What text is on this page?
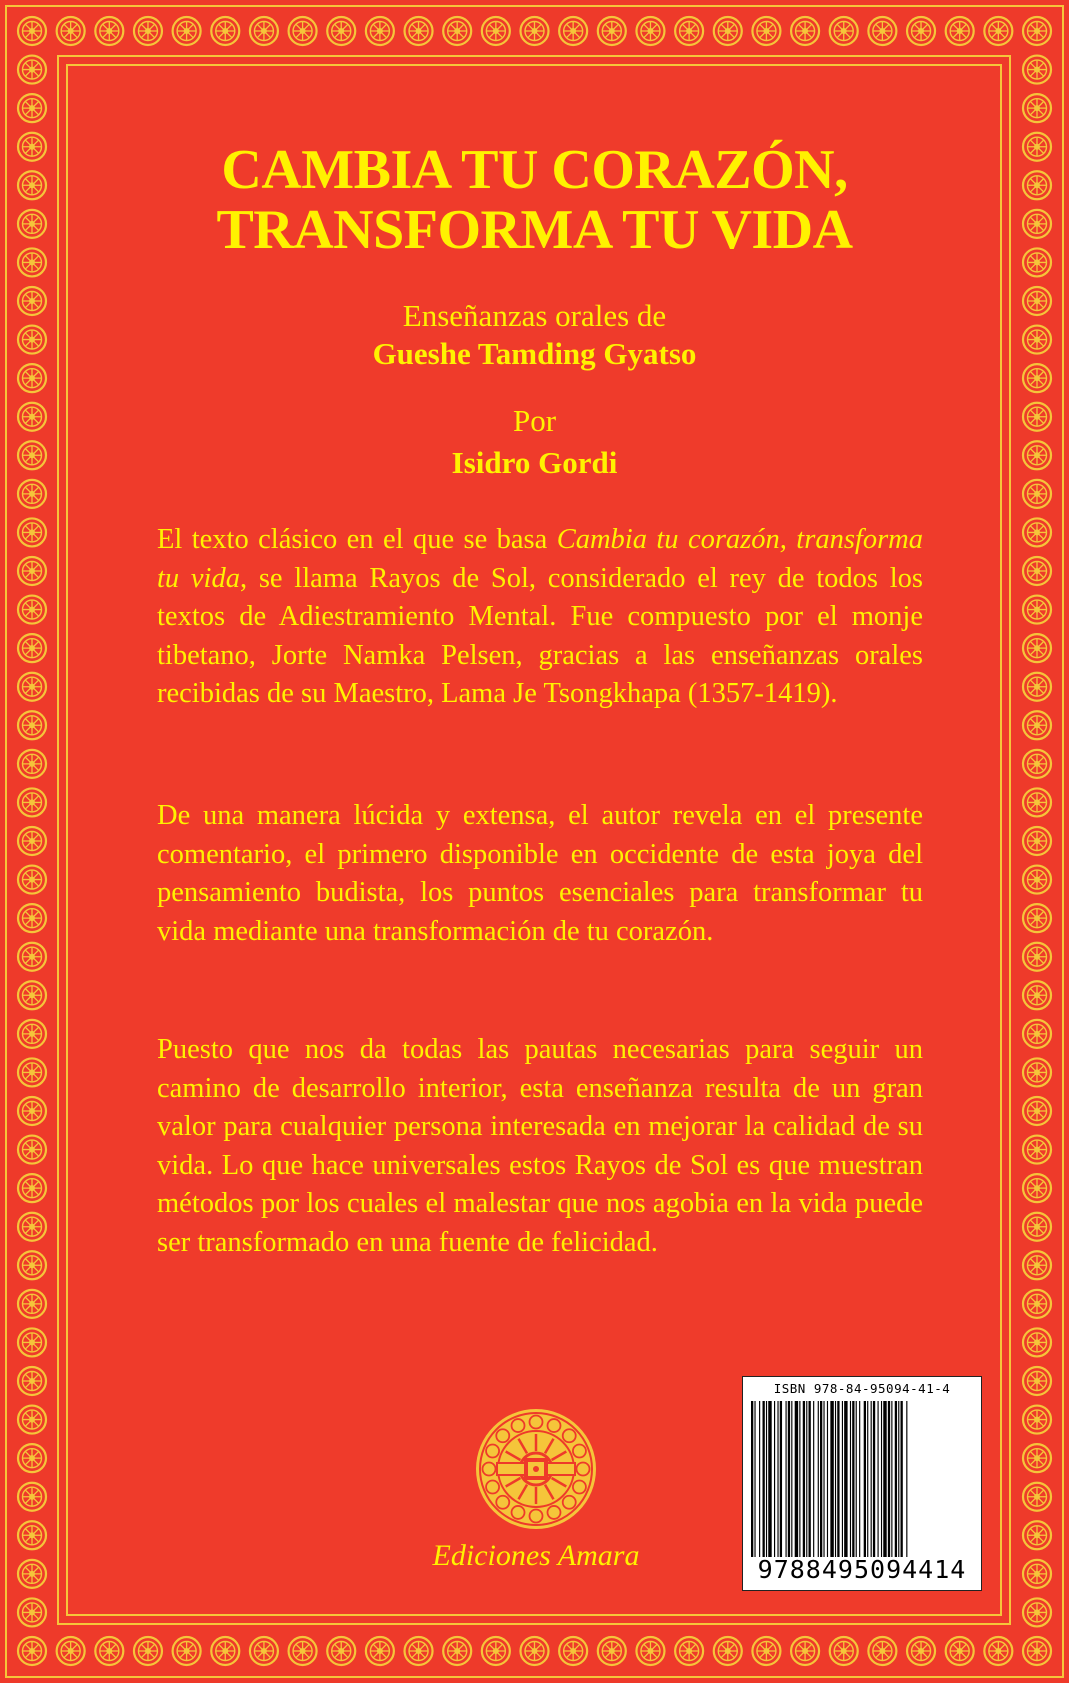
CAMBIA TU CORAZÓN,
TRANSFORMA TU VIDA

Enseñanzas orales de

Gueshe Tamding Gyatso

Por

Isidro Gordi

El texto clásico en el que se basa Cambia tu corazón, transforma tu vida, se llama Rayos de Sol, considerado el rey de todos los textos de Adiestramiento Mental. Fue compuesto por el monje tibetano, Jorte Namka Pelsen, gracias a las enseñanzas orales recibidas de su Maestro, Lama Je Tsongkhapa (1357-1419).

De una manera lúcida y extensa, el autor revela en el presente comentario, el primero disponible en occidente de esta joya del pensamiento budista, los puntos esenciales para transformar tu vida mediante una transformación de tu corazón.

Puesto que nos da todas las pautas necesarias para seguir un camino de desarrollo interior, esta enseñanza resulta de un gran valor para cualquier persona interesada en mejorar la calidad de su vida. Lo que hace universales estos Rayos de Sol es que muestran métodos por los cuales el malestar que nos agobia en la vida puede ser transformado en una fuente de felicidad.

Ediciones Amara

ISBN 978-84-95094-41-4
9788495094414
